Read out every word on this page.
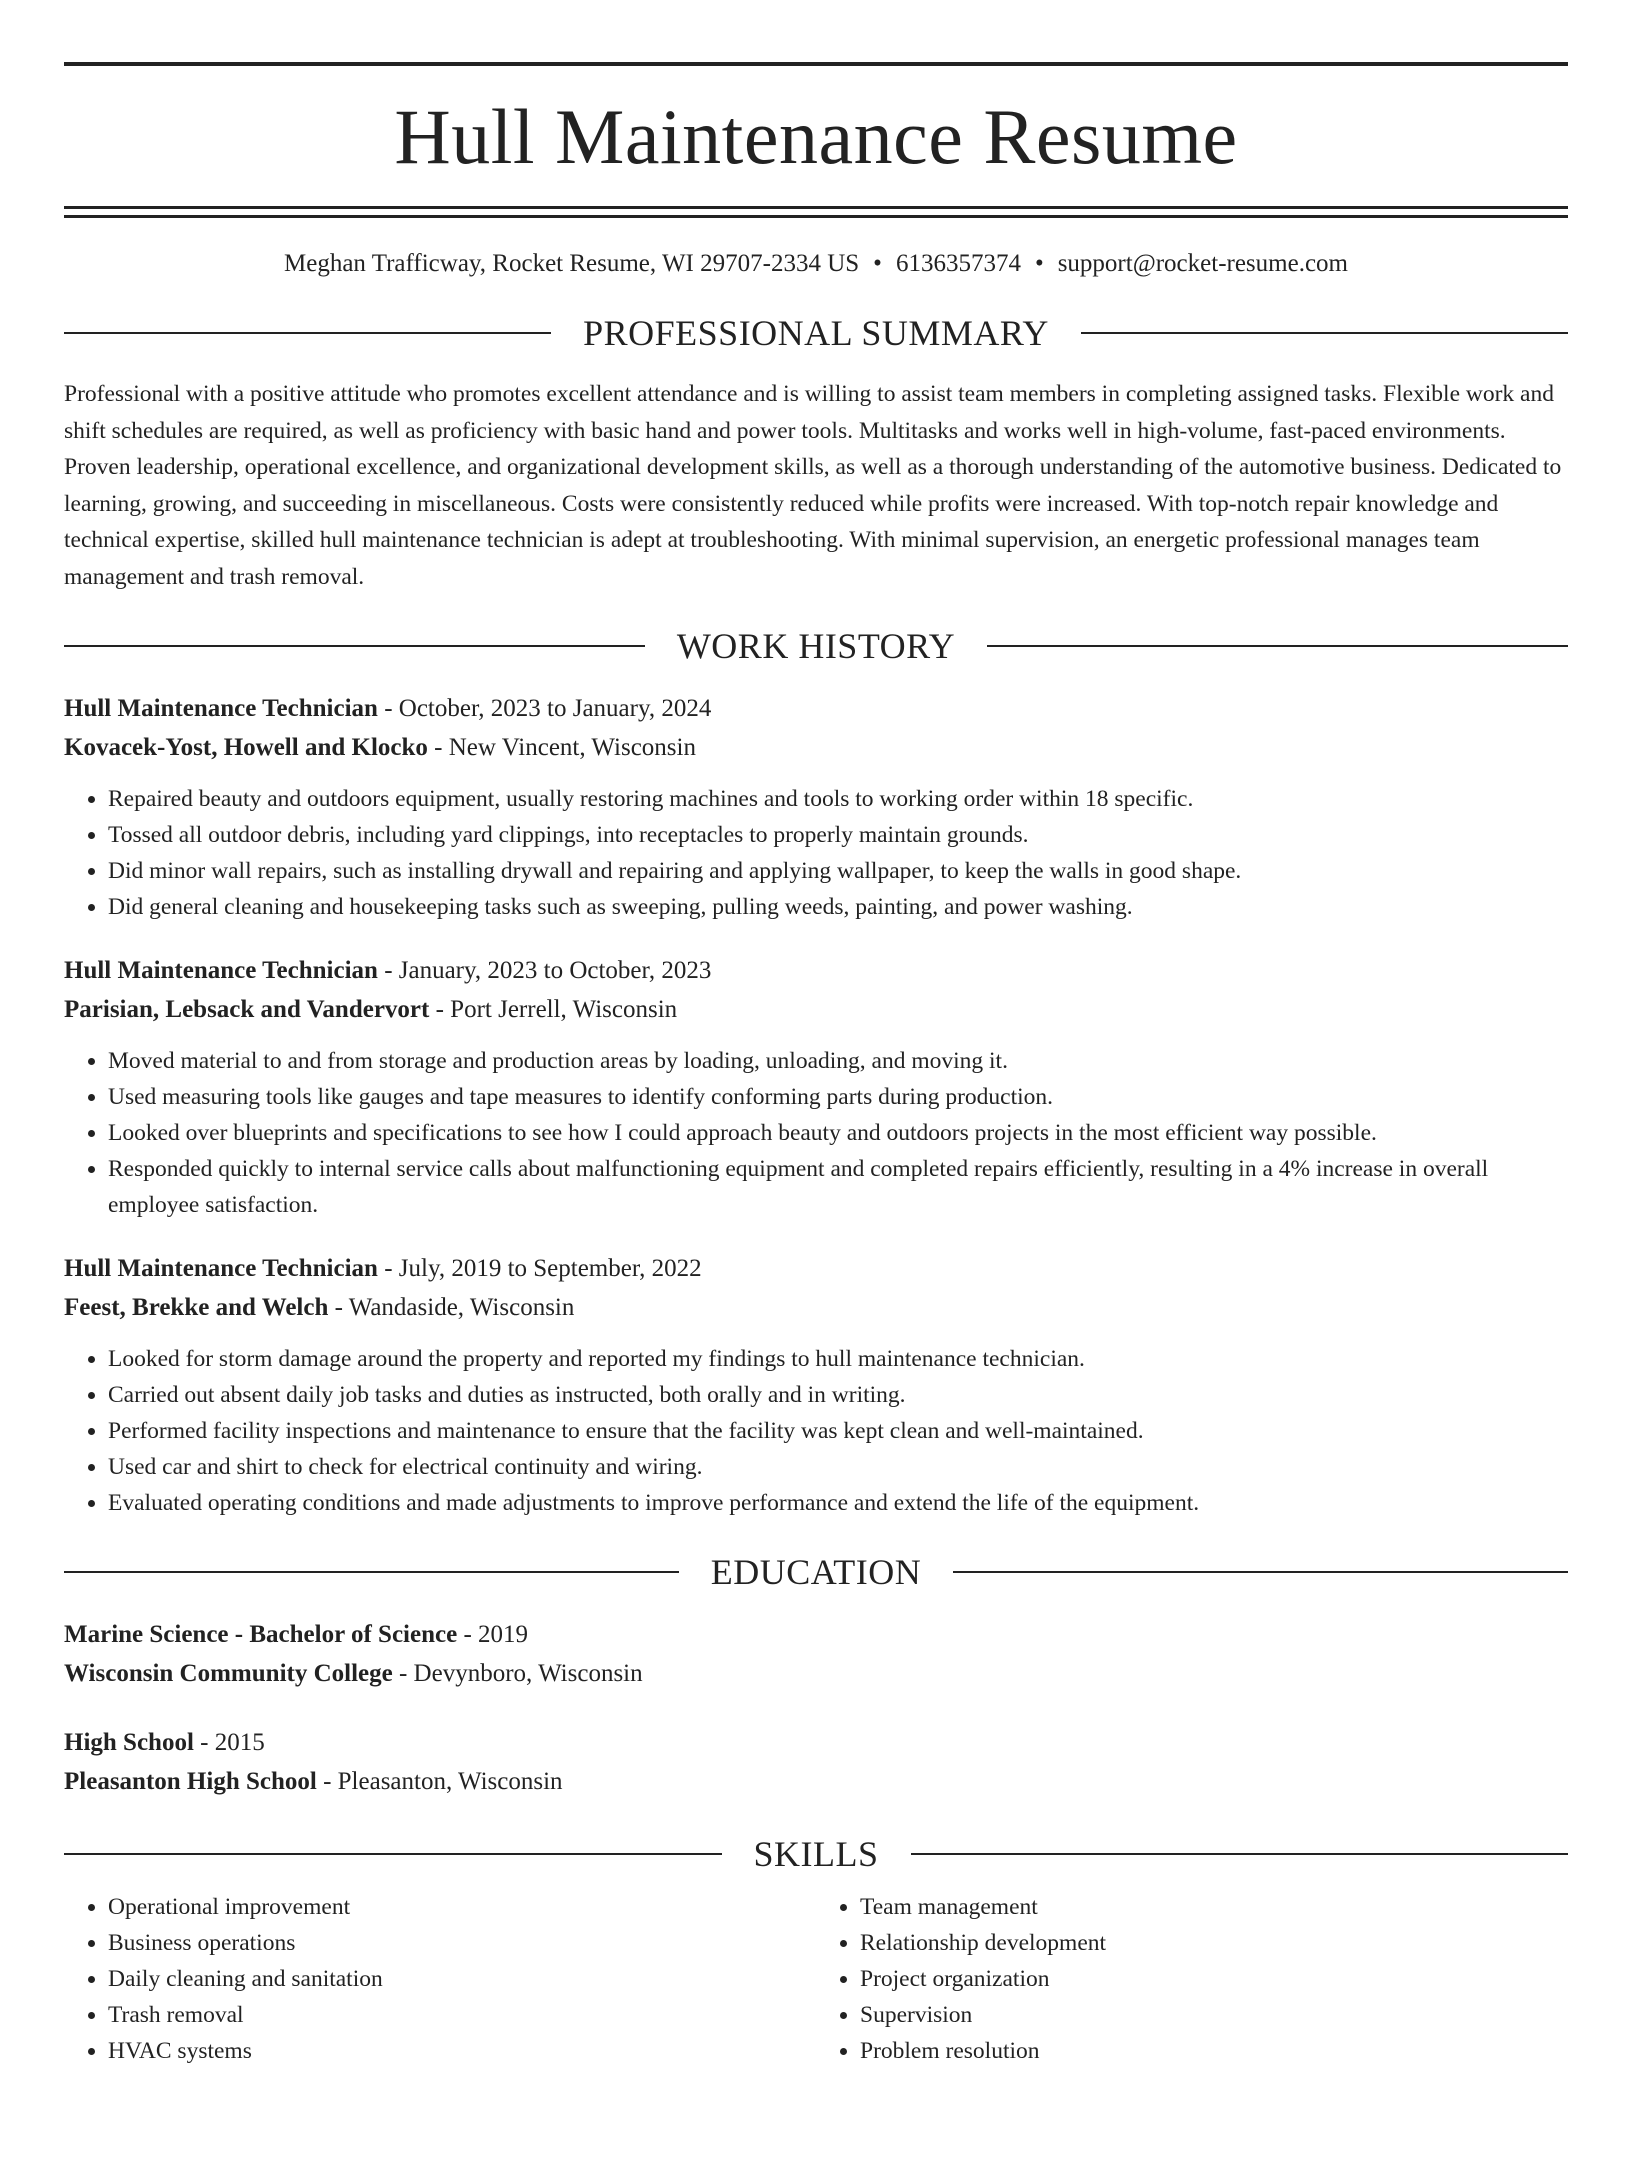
Hull Maintenance Resume
Meghan Trafficway, Rocket Resume, WI 29707-2334 US • 6136357374 • support@rocket-resume.com
PROFESSIONAL SUMMARY
Professional with a positive attitude who promotes excellent attendance and is willing to assist team members in completing assigned tasks. Flexible work and shift schedules are required, as well as proficiency with basic hand and power tools. Multitasks and works well in high-volume, fast-paced environments. Proven leadership, operational excellence, and organizational development skills, as well as a thorough understanding of the automotive business. Dedicated to learning, growing, and succeeding in miscellaneous. Costs were consistently reduced while profits were increased. With top-notch repair knowledge and technical expertise, skilled hull maintenance technician is adept at troubleshooting. With minimal supervision, an energetic professional manages team management and trash removal.
WORK HISTORY
Hull Maintenance Technician - October, 2023 to January, 2024
Kovacek-Yost, Howell and Klocko - New Vincent, Wisconsin
• Repaired beauty and outdoors equipment, usually restoring machines and tools to working order within 18 specific.
• Tossed all outdoor debris, including yard clippings, into receptacles to properly maintain grounds.
• Did minor wall repairs, such as installing drywall and repairing and applying wallpaper, to keep the walls in good shape.
• Did general cleaning and housekeeping tasks such as sweeping, pulling weeds, painting, and power washing.
Hull Maintenance Technician - January, 2023 to October, 2023
Parisian, Lebsack and Vandervort - Port Jerrell, Wisconsin
• Moved material to and from storage and production areas by loading, unloading, and moving it.
• Used measuring tools like gauges and tape measures to identify conforming parts during production.
• Looked over blueprints and specifications to see how I could approach beauty and outdoors projects in the most efficient way possible.
• Responded quickly to internal service calls about malfunctioning equipment and completed repairs efficiently, resulting in a 4% increase in overall employee satisfaction.
Hull Maintenance Technician - July, 2019 to September, 2022
Feest, Brekke and Welch - Wandaside, Wisconsin
• Looked for storm damage around the property and reported my findings to hull maintenance technician.
• Carried out absent daily job tasks and duties as instructed, both orally and in writing.
• Performed facility inspections and maintenance to ensure that the facility was kept clean and well-maintained.
• Used car and shirt to check for electrical continuity and wiring.
• Evaluated operating conditions and made adjustments to improve performance and extend the life of the equipment.
EDUCATION
Marine Science - Bachelor of Science - 2019
Wisconsin Community College - Devynboro, Wisconsin
High School - 2015
Pleasanton High School - Pleasanton, Wisconsin
SKILLS
• Operational improvement
• Business operations
• Daily cleaning and sanitation
• Trash removal
• HVAC systems
• Team management
• Relationship development
• Project organization
• Supervision
• Problem resolution
